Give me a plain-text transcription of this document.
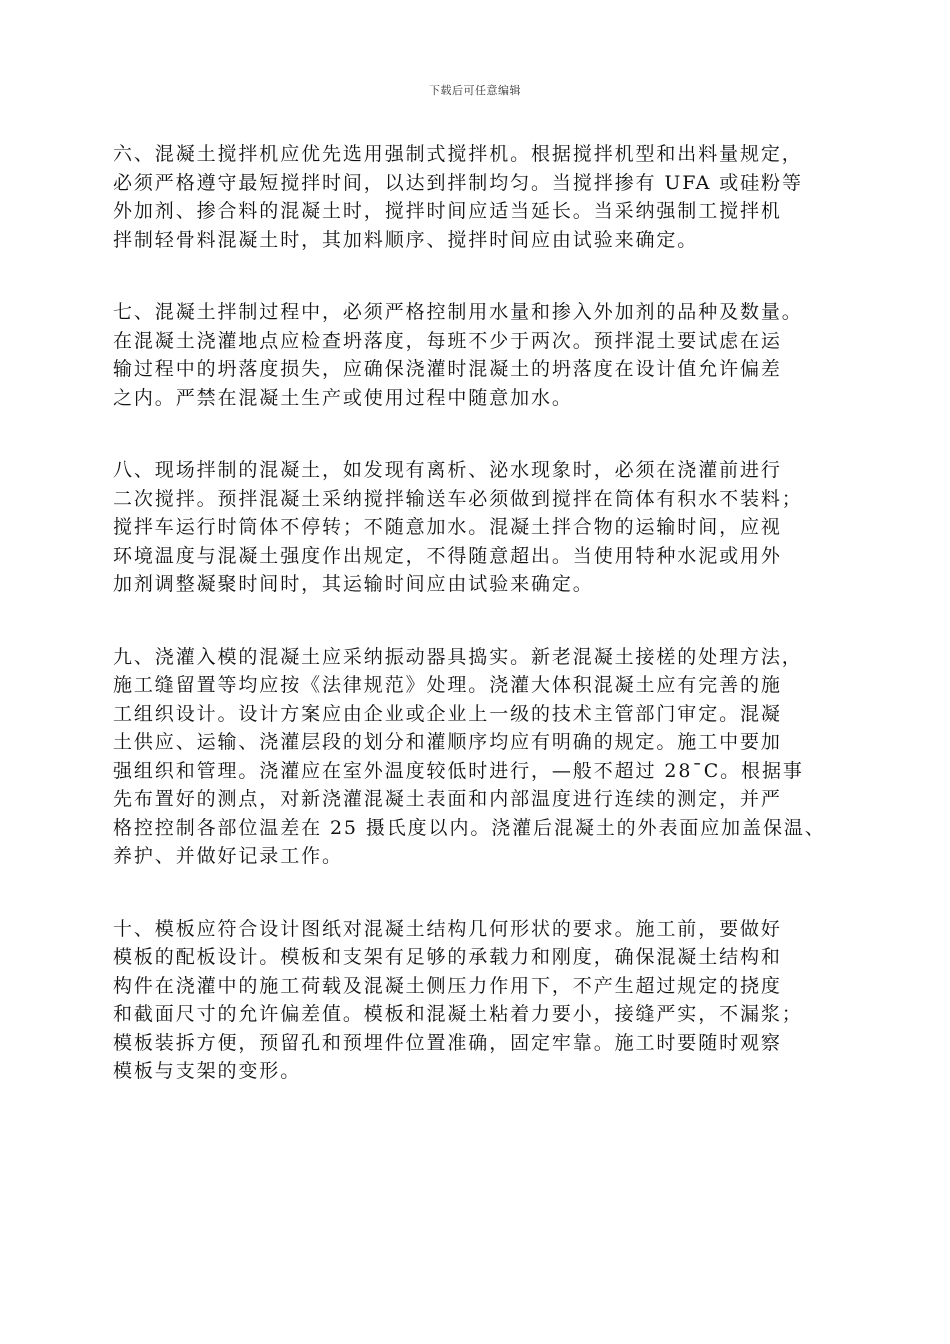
下载后可任意编辑
六、混凝土搅拌机应优先选用强制式搅拌机。根据搅拌机型和出料量规定，
必须严格遵守最短搅拌时间，以达到拌制均匀。当搅拌掺有 UFA 或硅粉等
外加剂、掺合料的混凝土时，搅拌时间应适当延长。当采纳强制工搅拌机
拌制轻骨料混凝土时，其加料顺序、搅拌时间应由试验来确定。
七、混凝土拌制过程中，必须严格控制用水量和掺入外加剂的品种及数量。
在混凝土浇灌地点应检查坍落度，每班不少于两次。预拌混土要试虑在运
输过程中的坍落度损失，应确保浇灌时混凝土的坍落度在设计值允许偏差
之内。严禁在混凝土生产或使用过程中随意加水。
八、现场拌制的混凝土，如发现有离析、泌水现象时，必须在浇灌前进行
二次搅拌。预拌混凝土采纳搅拌输送车必须做到搅拌在筒体有积水不装料；
搅拌车运行时筒体不停转；不随意加水。混凝土拌合物的运输时间，应视
环境温度与混凝土强度作出规定，不得随意超出。当使用特种水泥或用外
加剂调整凝聚时间时，其运输时间应由试验来确定。
九、浇灌入模的混凝土应采纳振动器具捣实。新老混凝土接槎的处理方法，
施工缝留置等均应按《法律规范》处理。浇灌大体积混凝土应有完善的施
工组织设计。设计方案应由企业或企业上一级的技术主管部门审定。混凝
土供应、运输、浇灌层段的划分和灌顺序均应有明确的规定。施工中要加
强组织和管理。浇灌应在室外温度较低时进行，—般不超过 28¯C。根据事
先布置好的测点，对新浇灌混凝土表面和内部温度进行连续的测定，并严
格控控制各部位温差在 25 摄氏度以内。浇灌后混凝土的外表面应加盖保温、
养护、并做好记录工作。
十、模板应符合设计图纸对混凝土结构几何形状的要求。施工前，要做好
模板的配板设计。模板和支架有足够的承载力和刚度，确保混凝土结构和
构件在浇灌中的施工荷载及混凝土侧压力作用下，不产生超过规定的挠度
和截面尺寸的允许偏差值。模板和混凝土粘着力要小，接缝严实，不漏浆；
模板装拆方便，预留孔和预埋件位置准确，固定牢靠。施工时要随时观察
模板与支架的变形。
